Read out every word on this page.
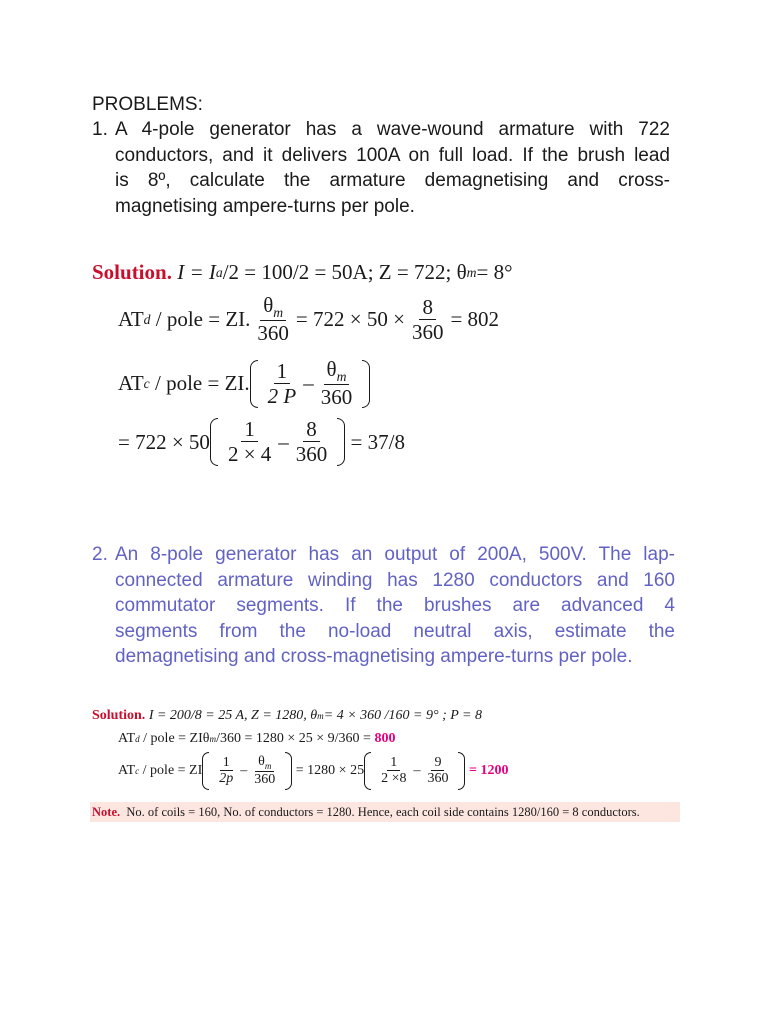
PROBLEMS:
1. A 4-pole generator has a wave-wound armature with 722
conductors, and it delivers 100A on full load. If the brush lead
is 8º, calculate the armature demagnetising and cross-
magnetising ampere-turns per pole.
Solution.
I = I a /2 = 100/2 = 50A; Z = 722; θ m = 8°
AT d
/ pole = ZI. $\frac{\theta_m}{360} = 722 \times 50 \times \frac{8}{360} = 802$
AT c
/ pole = ZI. $\frac{1}{2 P} - \frac{\theta_m}{360}$
= $722 \times 50 \frac{1}{2 \times 4} - \frac{8}{360}$
= 37/8
2. An 8-pole generator has an output of 200A, 500V. The lap-
connected armature winding has 1280 conductors and 160
commutator segments. If the brushes are advanced 4
segments from the no-load neutral axis, estimate the
demagnetising and cross-magnetising ampere-turns per pole.
Solution.
I = 200/8 = 25 A, Z = 1280, θ m = 4 × 360 /160 = 9° ; P = 8
AT d
/ pole = ZIθ m /360 = 1280 × 25 × 9/360 =
800
AT c
/ pole = ZI $\frac{1}{2p} - \frac{\theta_m}{360}$
= $1280 \times 25 \frac{1}{2 \times 8} - \frac{9}{360}$
=
1200
Note. No. of coils = 160, No. of conductors = 1280. Hence, each coil side contains 1280/160 = 8 conductors.
